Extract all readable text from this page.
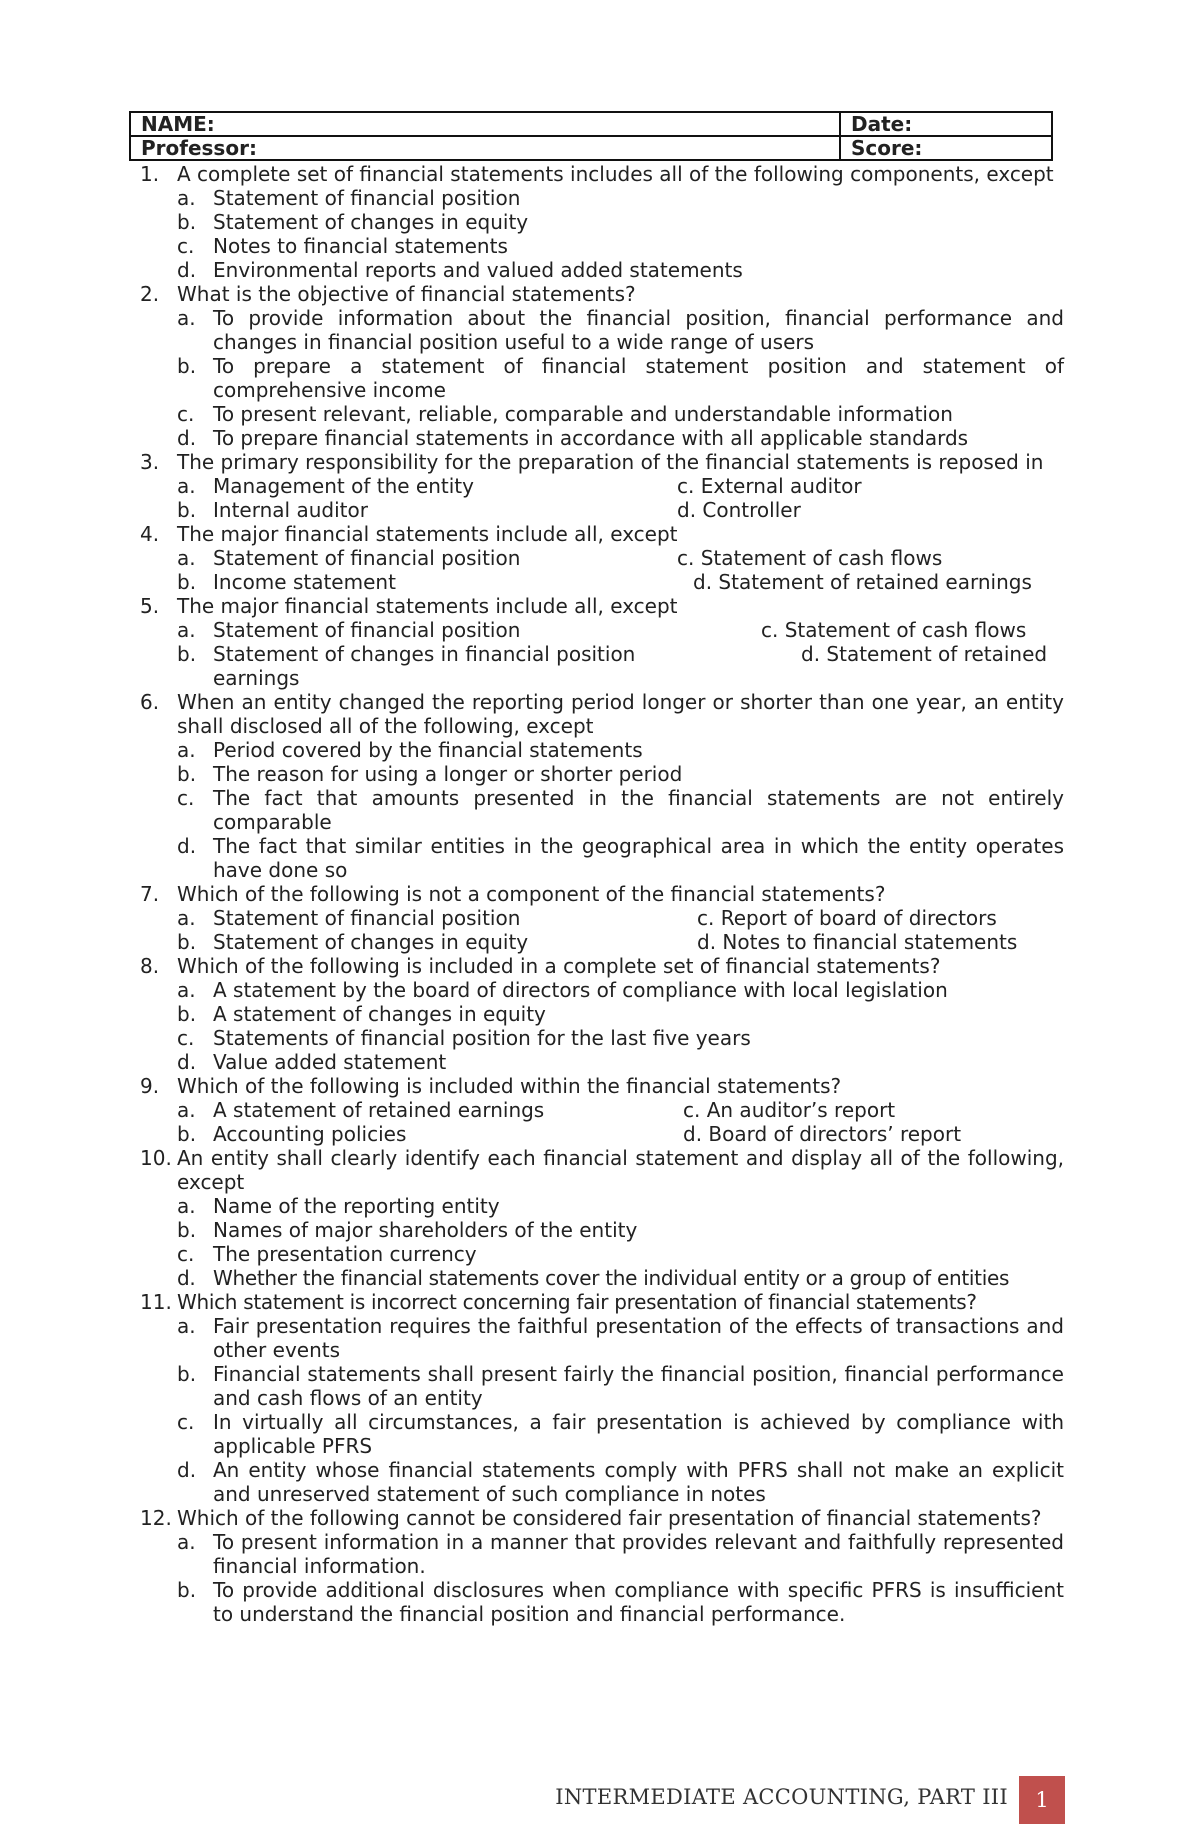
NAME:	Date:
Professor:	Score:
1. A complete set of financial statements includes all of the following components, except
a. Statement of financial position
b. Statement of changes in equity
c. Notes to financial statements
d. Environmental reports and valued added statements
2. What is the objective of financial statements?
a. To provide information about the financial position, financial performance and changes in financial position useful to a wide range of users
b. To prepare a statement of financial statement position and statement of comprehensive income
c. To present relevant, reliable, comparable and understandable information
d. To prepare financial statements in accordance with all applicable standards
3. The primary responsibility for the preparation of the financial statements is reposed in
a. Management of the entity	c. External auditor
b. Internal auditor	d. Controller
4. The major financial statements include all, except
a. Statement of financial position	c. Statement of cash flows
b. Income statement	d. Statement of retained earnings
5. The major financial statements include all, except
a. Statement of financial position	c. Statement of cash flows
b. Statement of changes in financial position	d. Statement of retained
earnings
6. When an entity changed the reporting period longer or shorter than one year, an entity shall disclosed all of the following, except
a. Period covered by the financial statements
b. The reason for using a longer or shorter period
c. The fact that amounts presented in the financial statements are not entirely comparable
d. The fact that similar entities in the geographical area in which the entity operates have done so
7. Which of the following is not a component of the financial statements?
a. Statement of financial position	c. Report of board of directors
b. Statement of changes in equity	d. Notes to financial statements
8. Which of the following is included in a complete set of financial statements?
a. A statement by the board of directors of compliance with local legislation
b. A statement of changes in equity
c. Statements of financial position for the last five years
d. Value added statement
9. Which of the following is included within the financial statements?
a. A statement of retained earnings	c. An auditor’s report
b. Accounting policies	d. Board of directors’ report
10. An entity shall clearly identify each financial statement and display all of the following, except
a. Name of the reporting entity
b. Names of major shareholders of the entity
c. The presentation currency
d. Whether the financial statements cover the individual entity or a group of entities
11. Which statement is incorrect concerning fair presentation of financial statements?
a. Fair presentation requires the faithful presentation of the effects of transactions and other events
b. Financial statements shall present fairly the financial position, financial performance and cash flows of an entity
c. In virtually all circumstances, a fair presentation is achieved by compliance with applicable PFRS
d. An entity whose financial statements comply with PFRS shall not make an explicit and unreserved statement of such compliance in notes
12. Which of the following cannot be considered fair presentation of financial statements?
a. To present information in a manner that provides relevant and faithfully represented financial information.
b. To provide additional disclosures when compliance with specific PFRS is insufficient to understand the financial position and financial performance.
INTERMEDIATE ACCOUNTING, PART III	1
